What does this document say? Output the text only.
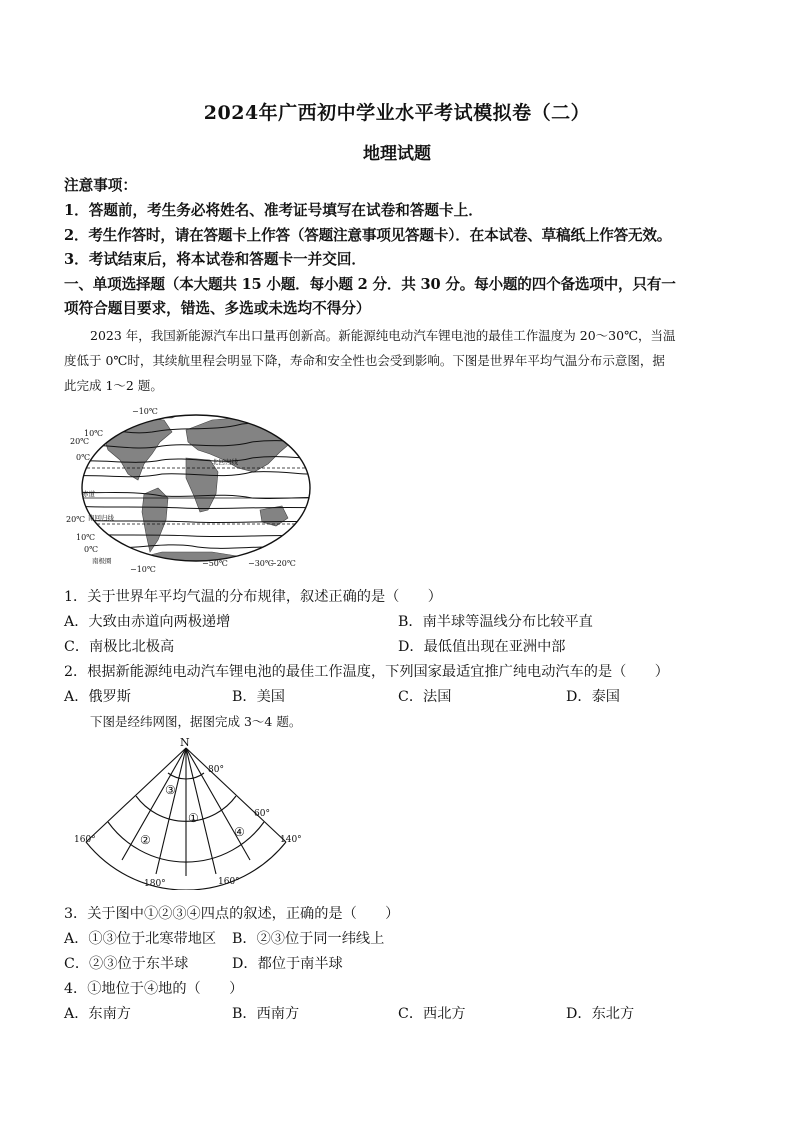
2024年广西初中学业水平考试模拟卷（二）
地理试题
注意事项：
1．答题前，考生务必将姓名、准考证号填写在试卷和答题卡上．
2．考生作答时，请在答题卡上作答（答题注意事项见答题卡）．在本试卷、草稿纸上作答无效。
3．考试结束后，将本试卷和答题卡一并交回．
一、单项选择题（本大题共 15 小题．每小题 2 分．共 30 分。每小题的四个备选项中，只有一
项符合题目要求，错选、多选或未选均不得分）
2023 年，我国新能源汽车出口量再创新高。新能源纯电动汽车锂电池的最佳工作温度为 20～30℃，当温
度低于 0℃时，其续航里程会明显下降，寿命和安全性也会受到影响。下图是世界年平均气温分布示意图，据
此完成 1～2 题。
−10℃
20℃
10℃
0℃	北回归线
赤道
20℃ 南回归线
10℃
0℃
南极圈
−10℃
−50℃	−30℃
−20℃
1．关于世界年平均气温的分布规律，叙述正确的是（　　）
A．大致由赤道向两极递增	B．南半球等温线分布比较平直
C．南极比北极高	D．最低值出现在亚洲中部
2．根据新能源纯电动汽车锂电池的最佳工作温度，下列国家最适宜推广纯电动汽车的是（　　）
A．俄罗斯	B．美国	C．法国	D．泰国
下图是经纬网图，据图完成 3～4 题。
③
①
②
④
N
80°
60°
140°
160°
180°	160°
3．关于图中①②③④四点的叙述，正确的是（　　）
A．①③位于北寒带地区 B．②③位于同一纬线上
C．②③位于东半球	D．都位于南半球
4．①地位于④地的（　　）
A．东南方	B．西南方	C．西北方	D．东北方
